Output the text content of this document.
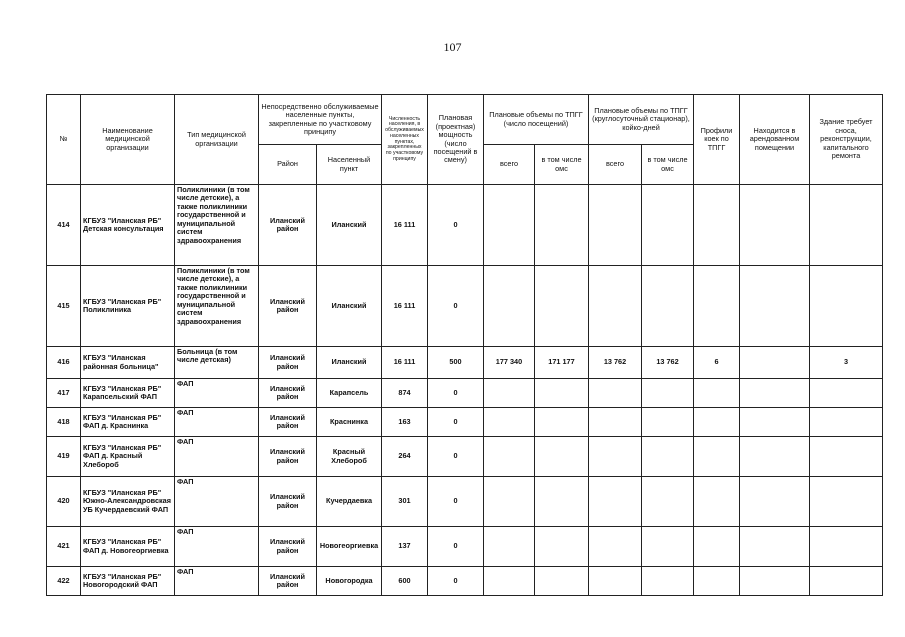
107
№	Наименование медицинской организации	Тип медицинской организации	Непосредственно обслуживаемые населенные пункты, закрепленные по участковому принципу		Численность населения, в обслуживаемых населенных пунктах, закрепленных по участковому принципу	Плановая (проектная) мощность (число посещений в смену)	Плановые объемы по ТПГГ (число посещений)		Плановые объемы по ТПГГ (круглосуточный стационар), койко-дней		Профили коек по ТПГГ	Находится в арендованном помещении	Здание требует сноса, реконструкции, капитального ремонта
			Район	Населенный пункт			всего	в том числе омс	всего	в том числе омс			
414	КГБУЗ "Иланская РБ" Детская консультация	Поликлиники (в том числе детские), а также поликлиники государственной и муниципальной систем здравоохранения	Иланский район	Иланский	16 111	0							
415	КГБУЗ "Иланская РБ" Поликлиника	Поликлиники (в том числе детские), а также поликлиники государственной и муниципальной систем здравоохранения	Иланский район	Иланский	16 111	0							
416	КГБУЗ "Иланская районная больница"	Больница (в том числе детская)	Иланский район	Иланский	16 111	500	177 340	171 177	13 762	13 762	6		3
417	КГБУЗ "Иланская РБ" Карапсельский ФАП	ФАП	Иланский район	Карапсель	874	0							
418	КГБУЗ "Иланская РБ" ФАП д. Краснинка	ФАП	Иланский район	Краснинка	163	0							
419	КГБУЗ "Иланская РБ" ФАП д. Красный Хлебороб	ФАП	Иланский район	Красный Хлебороб	264	0							
420	КГБУЗ "Иланская РБ" Южно-Александровская УБ Кучердаевский ФАП	ФАП	Иланский район	Кучердаевка	301	0							
421	КГБУЗ "Иланская РБ" ФАП д. Новогеоргиевка	ФАП	Иланский район	Новогеоргиевка	137	0							
422	КГБУЗ "Иланская РБ" Новогородский ФАП	ФАП	Иланский район	Новогородка	600	0							
